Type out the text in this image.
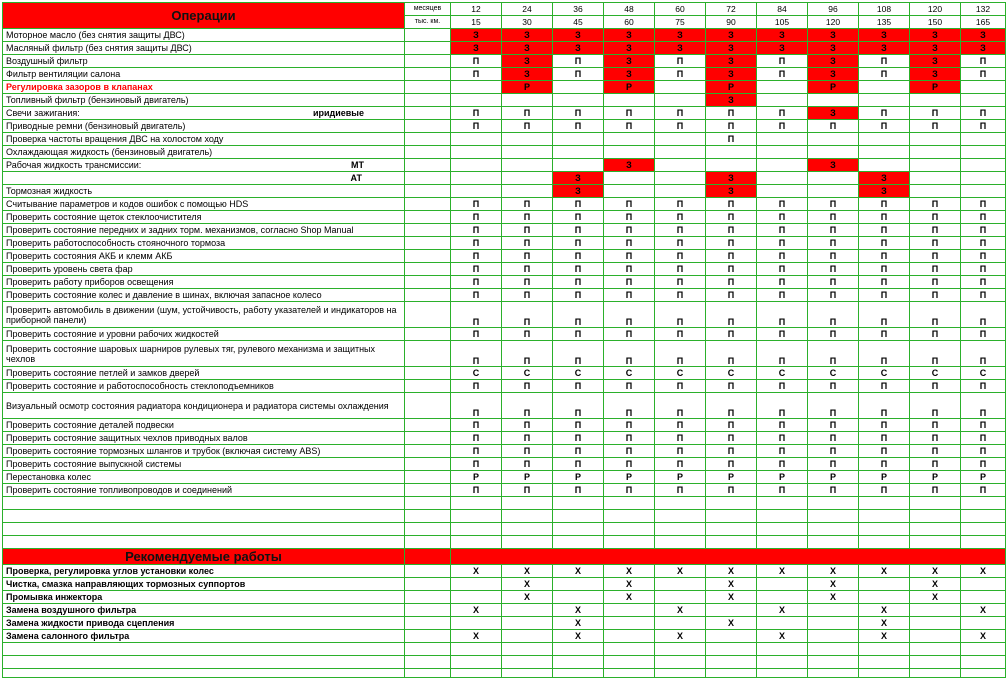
Операции	месяцев	12	24	36	48	60	72	84	96	108	120	132
	тыс. км.	15	30	45	60	75	90	105	120	135	150	165
Моторное масло (без снятия защиты ДВС)		З	З	З	З	З	З	З	З	З	З	З
Масляный фильтр (без снятия защиты ДВС)		З	З	З	З	З	З	З	З	З	З	З
Воздушный фильтр		П	З	П	З	П	З	П	З	П	З	П
Фильтр вентиляции салона		П	З	П	З	П	З	П	З	П	З	П
Регулировка зазоров в клапанах			Р		Р		Р		Р		Р	
Топливный фильтр (бензиновый двигатель)							З					
Свечи зажигания: иридиевые		П	П	П	П	П	П	П	З	П	П	П
Приводные ремни (бензиновый двигатель)		П	П	П	П	П	П	П	П	П	П	П
Проверка частоты вращения ДВС на холостом ходу							П					
Охлаждающая жидкость (бензиновый двигатель)												
Рабочая жидкость трансмиссии: МТ					З				З			

АТ				З			З			З		
Тормозная жидкость				З			З			З		
Считывание параметров и кодов ошибок с помощью HDS		П	П	П	П	П	П	П	П	П	П	П
Проверить состояние щеток стеклоочистителя		П	П	П	П	П	П	П	П	П	П	П
Проверить состояние передних и задних торм. механизмов, согласно Shop Manual		П	П	П	П	П	П	П	П	П	П	П
Проверить работоспособность стояночного тормоза		П	П	П	П	П	П	П	П	П	П	П
Проверить состояния АКБ и клемм АКБ		П	П	П	П	П	П	П	П	П	П	П
Проверить уровень света фар		П	П	П	П	П	П	П	П	П	П	П
Проверить работу приборов освещения		П	П	П	П	П	П	П	П	П	П	П
Проверить состояние колес и давление в шинах, включая запасное колесо		П	П	П	П	П	П	П	П	П	П	П
Проверить автомобиль в движении (шум, устойчивость, работу указателей и индикаторов на приборной панели)		П	П	П	П	П	П	П	П	П	П	П
Проверить состояние и уровни рабочих жидкостей		П	П	П	П	П	П	П	П	П	П	П
Проверить состояние шаровых шарниров рулевых тяг, рулевого механизма и защитных чехлов		П	П	П	П	П	П	П	П	П	П	П
Проверить состояние петлей и замков дверей		С	С	С	С	С	С	С	С	С	С	С
Проверить состояние и работоспособность стеклоподъемников		П	П	П	П	П	П	П	П	П	П	П
Визуальный осмотр состояния радиатора кондиционера и радиатора системы охлаждения		П	П	П	П	П	П	П	П	П	П	П
Проверить состояние деталей подвески		П	П	П	П	П	П	П	П	П	П	П
Проверить состояние защитных чехлов приводных валов		П	П	П	П	П	П	П	П	П	П	П
Проверить состояние тормозных шлангов и трубок (включая систему ABS)		П	П	П	П	П	П	П	П	П	П	П
Проверить состояние выпускной системы		П	П	П	П	П	П	П	П	П	П	П
Перестановка колес		Р	Р	Р	Р	Р	Р	Р	Р	Р	Р	Р
Проверить состояние топливопроводов и соединений		П	П	П	П	П	П	П	П	П	П	П

Рекомендуемые работы												
Проверка, регулировка углов установки колес		Х	Х	Х	Х	Х	Х	Х	Х	Х	Х	Х
Чистка, смазка направляющих тормозных суппортов			Х		Х		Х		Х		Х	
Промывка инжектора			Х		Х		Х		Х		Х	
Замена воздушного фильтра		Х		Х		Х		Х		Х		Х
Замена жидкости привода сцепления				Х			Х			Х		
Замена салонного фильтра		Х		Х		Х		Х		Х		Х
